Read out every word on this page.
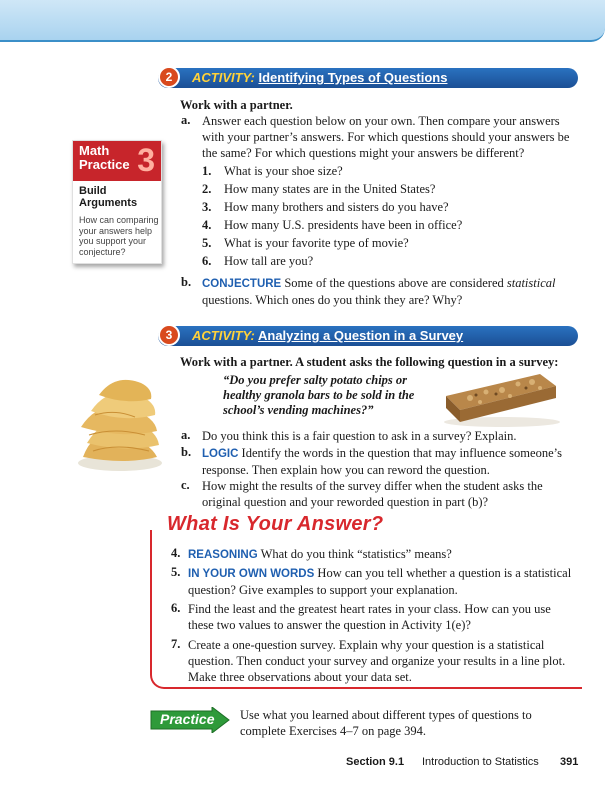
2	ACTIVITY: Identifying Types of Questions
Work with a partner.
a. Answer each question below on your own. Then compare your answers with your partner’s answers. For which questions should your answers be the same? For which questions might your answers be different?
1. What is your shoe size?
2. How many states are in the United States?
3. How many brothers and sisters do you have?
4. How many U.S. presidents have been in office?
5. What is your favorite type of movie?
6. How tall are you?
b. CONJECTURE Some of the questions above are considered statistical questions. Which ones do you think they are? Why?
Math Practice 3
Build Arguments
How can comparing your answers help you support your conjecture?
3	ACTIVITY: Analyzing a Question in a Survey
Work with a partner. A student asks the following question in a survey:
“Do you prefer salty potato chips or healthy granola bars to be sold in the school’s vending machines?”
a. Do you think this is a fair question to ask in a survey? Explain.
b. LOGIC Identify the words in the question that may influence someone’s response. Then explain how you can reword the question.
c. How might the results of the survey differ when the student asks the original question and your reworded question in part (b)?
What Is Your Answer?
4. REASONING What do you think “statistics” means?
5. IN YOUR OWN WORDS How can you tell whether a question is a statistical question? Give examples to support your explanation.
6. Find the least and the greatest heart rates in your class. How can you use these two values to answer the question in Activity 1(e)?
7. Create a one-question survey. Explain why your question is a statistical question. Then conduct your survey and organize your results in a line plot. Make three observations about your data set.
Practice Use what you learned about different types of questions to complete Exercises 4–7 on page 394.
Section 9.1 Introduction to Statistics 391
